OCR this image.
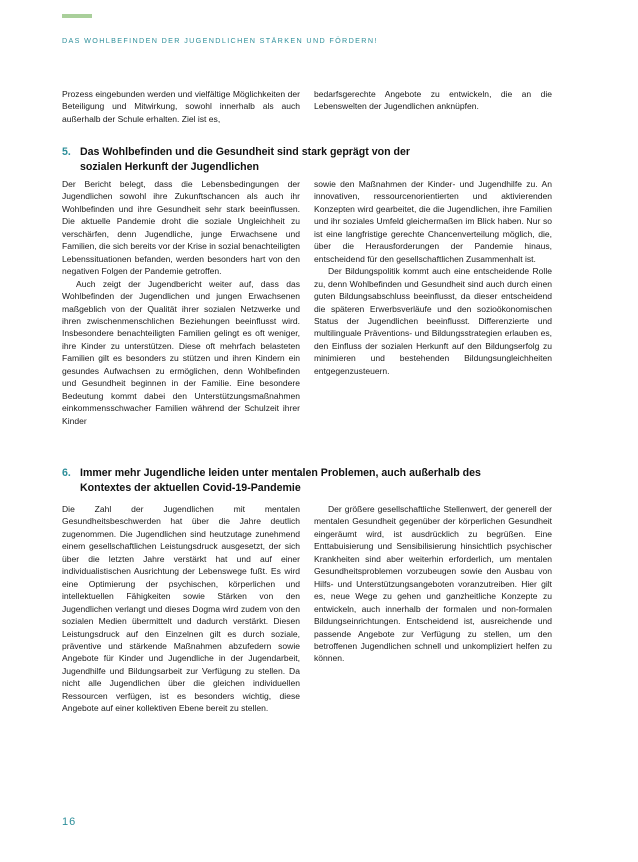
DAS WOHLBEFINDEN DER JUGENDLICHEN STÄRKEN UND FÖRDERN!

Prozess eingebunden werden und vielfältige Möglichkeiten der Beteiligung und Mitwirkung, sowohl innerhalb als auch außerhalb der Schule erhalten. Ziel ist es,

bedarfsgerechte Angebote zu entwickeln, die an die Lebenswelten der Jugendlichen anknüpfen.

5. Das Wohlbefinden und die Gesundheit sind stark geprägt von der
sozialen Herkunft der Jugendlichen

Der Bericht belegt, dass die Lebensbedingungen der Jugendlichen sowohl ihre Zukunftschancen als auch ihr Wohlbefinden und ihre Gesundheit sehr stark beeinflussen. Die aktuelle Pandemie droht die soziale Ungleichheit zu verschärfen, denn Jugendliche, junge Erwachsene und Familien, die sich bereits vor der Krise in sozial benachteiligten Lebenssituationen befanden, werden besonders hart von den negativen Folgen der Pandemie getroffen.

Auch zeigt der Jugendbericht weiter auf, dass das Wohlbefinden der Jugendlichen und jungen Erwachsenen maßgeblich von der Qualität ihrer sozialen Netzwerke und ihren zwischenmenschlichen Beziehungen beeinflusst wird. Insbesondere benachteiligten Familien gelingt es oft weniger, ihre Kinder zu unterstützen. Diese oft mehrfach belasteten Familien gilt es besonders zu stützen und ihren Kindern ein gesundes Aufwachsen zu ermöglichen, denn Wohlbefinden und Gesundheit beginnen in der Familie. Eine besondere Bedeutung kommt dabei den Unterstützungsmaßnahmen einkommensschwacher Familien während der Schulzeit ihrer Kinder

sowie den Maßnahmen der Kinder- und Jugendhilfe zu. An innovativen, ressourcenorientierten und aktivierenden Konzepten wird gearbeitet, die die Jugendlichen, ihre Familien und ihr soziales Umfeld gleichermaßen im Blick haben. Nur so ist eine langfristige gerechte Chancenverteilung möglich, die, über die Herausforderungen der Pandemie hinaus, entscheidend für den gesellschaftlichen Zusammenhalt ist.

Der Bildungspolitik kommt auch eine entscheidende Rolle zu, denn Wohlbefinden und Gesundheit sind auch durch einen guten Bildungsabschluss beeinflusst, da dieser entscheidend die späteren Erwerbsverläufe und den sozioökonomischen Status der Jugendlichen beeinflusst. Differenzierte und multilinguale Präventions- und Bildungsstrategien erlauben es, den Einfluss der sozialen Herkunft auf den Bildungserfolg zu minimieren und bestehenden Bildungsungleichheiten entgegenzusteuern.

6. Immer mehr Jugendliche leiden unter mentalen Problemen, auch außerhalb des
Kontextes der aktuellen Covid-19-Pandemie

Die Zahl der Jugendlichen mit mentalen Gesundheitsbeschwerden hat über die Jahre deutlich zugenommen. Die Jugendlichen sind heutzutage zunehmend einem gesellschaftlichen Leistungsdruck ausgesetzt, der sich über die letzten Jahre verstärkt hat und auf einer individualistischen Ausrichtung der Lebenswege fußt. Es wird eine Optimierung der psychischen, körperlichen und intellektuellen Fähigkeiten sowie Stärken von den Jugendlichen verlangt und dieses Dogma wird zudem von den sozialen Medien übermittelt und dadurch verstärkt. Diesen Leistungsdruck auf den Einzelnen gilt es durch soziale, präventive und stärkende Maßnahmen abzufedern sowie Angebote für Kinder und Jugendliche in der Jugendarbeit, Jugendhilfe und Bildungsarbeit zur Verfügung zu stellen. Da nicht alle Jugendlichen über die gleichen individuellen Ressourcen verfügen, ist es besonders wichtig, diese Angebote auf einer kollektiven Ebene bereit zu stellen.

Der größere gesellschaftliche Stellenwert, der generell der mentalen Gesundheit gegenüber der körperlichen Gesundheit eingeräumt wird, ist ausdrücklich zu begrüßen. Eine Enttabuisierung und Sensibilisierung hinsichtlich psychischer Krankheiten sind aber weiterhin erforderlich, um mentalen Gesundheitsproblemen vorzubeugen sowie den Ausbau von Hilfs- und Unterstützungsangeboten voranzutreiben. Hier gilt es, neue Wege zu gehen und ganzheitliche Konzepte zu entwickeln, auch innerhalb der formalen und non-formalen Bildungseinrichtungen. Entscheidend ist, ausreichende und passende Angebote zur Verfügung zu stellen, um den betroffenen Jugendlichen schnell und unkompliziert helfen zu können.

16
